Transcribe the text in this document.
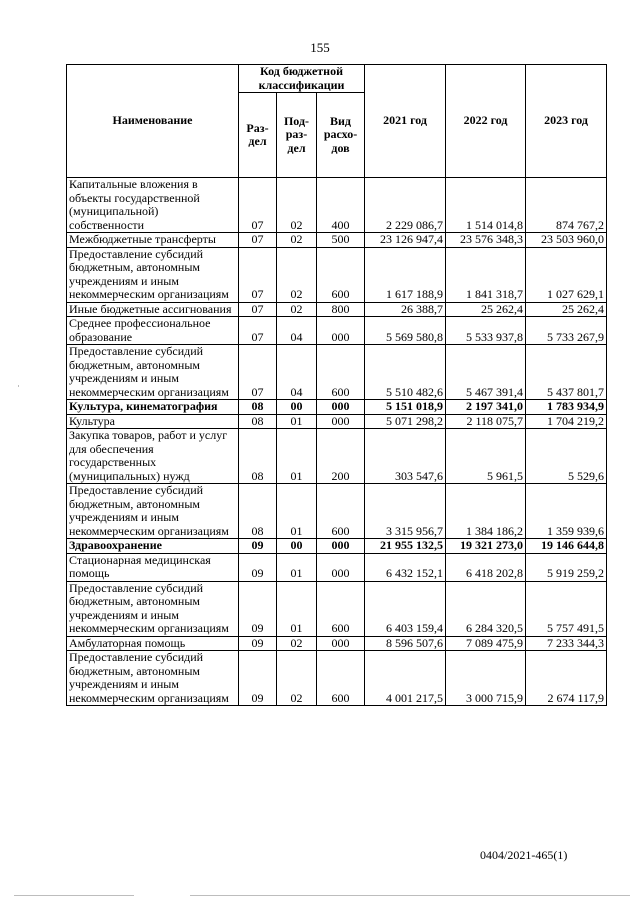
155
Наименование	Код бюджетной классификации			2021 год	2022 год	2023 год
	Раз-дел	Под-раз-дел	Вид расхо-дов			
Капитальные вложения в объекты государственной (муниципальной) собственности	07	02	400	2 229 086,7	1 514 014,8	874 767,2
Межбюджетные трансферты	07	02	500	23 126 947,4	23 576 348,3	23 503 960,0
Предоставление субсидий бюджетным, автономным учреждениям и иным некоммерческим организациям	07	02	600	1 617 188,9	1 841 318,7	1 027 629,1
Иные бюджетные ассигнования	07	02	800	26 388,7	25 262,4	25 262,4
Среднее профессиональное образование	07	04	000	5 569 580,8	5 533 937,8	5 733 267,9
Предоставление субсидий бюджетным, автономным учреждениям и иным некоммерческим организациям	07	04	600	5 510 482,6	5 467 391,4	5 437 801,7
Культура, кинематография	08	00	000	5 151 018,9	2 197 341,0	1 783 934,9
Культура	08	01	000	5 071 298,2	2 118 075,7	1 704 219,2
Закупка товаров, работ и услуг для обеспечения государственных (муниципальных) нужд	08	01	200	303 547,6	5 961,5	5 529,6
Предоставление субсидий бюджетным, автономным учреждениям и иным некоммерческим организациям	08	01	600	3 315 956,7	1 384 186,2	1 359 939,6
Здравоохранение	09	00	000	21 955 132,5	19 321 273,0	19 146 644,8
Стационарная медицинская помощь	09	01	000	6 432 152,1	6 418 202,8	5 919 259,2
Предоставление субсидий бюджетным, автономным учреждениям и иным некоммерческим организациям	09	01	600	6 403 159,4	6 284 320,5	5 757 491,5
Амбулаторная помощь	09	02	000	8 596 507,6	7 089 475,9	7 233 344,3
Предоставление субсидий бюджетным, автономным учреждениям и иным некоммерческим организациям	09	02	600	4 001 217,5	3 000 715,9	2 674 117,9
0404/2021-465(1)
